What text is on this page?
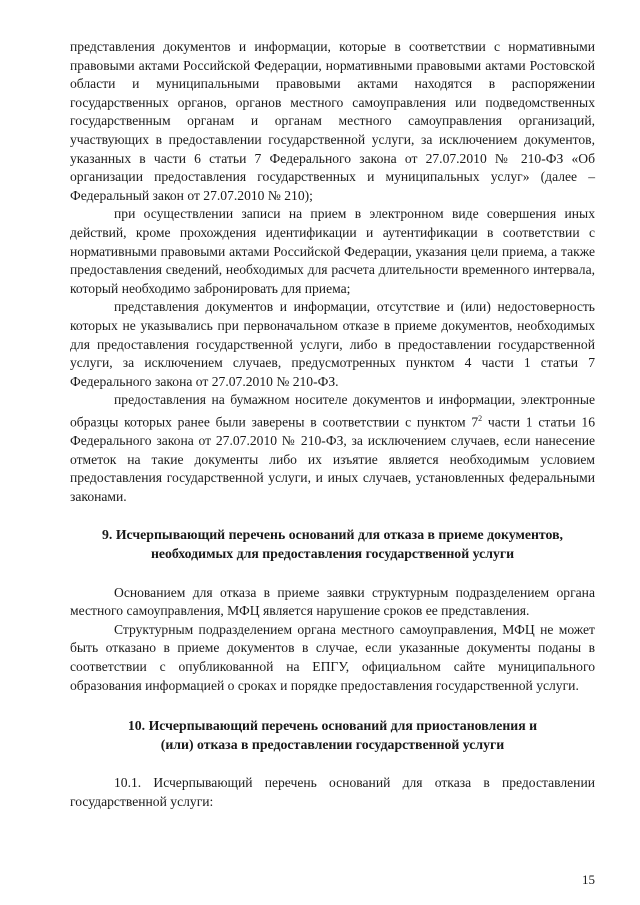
представления документов и информации, которые в соответствии с нормативными правовыми актами Российской Федерации, нормативными правовыми актами Ростовской области и муниципальными правовыми актами находятся в распоряжении государственных органов, органов местного самоуправления или подведомственных государственным органам и органам местного самоуправления организаций, участвующих в предоставлении государственной услуги, за исключением документов, указанных в части 6 статьи 7 Федерального закона от 27.07.2010 № 210-ФЗ «Об организации предоставления государственных и муниципальных услуг» (далее – Федеральный закон от 27.07.2010 № 210);

при осуществлении записи на прием в электронном виде совершения иных действий, кроме прохождения идентификации и аутентификации в соответствии с нормативными правовыми актами Российской Федерации, указания цели приема, а также предоставления сведений, необходимых для расчета длительности временного интервала, который необходимо забронировать для приема;

представления документов и информации, отсутствие и (или) недостоверность которых не указывались при первоначальном отказе в приеме документов, необходимых для предоставления государственной услуги, либо в предоставлении государственной услуги, за исключением случаев, предусмотренных пунктом 4 части 1 статьи 7 Федерального закона от 27.07.2010 № 210-ФЗ.

предоставления на бумажном носителе документов и информации, электронные образцы которых ранее были заверены в соответствии с пунктом $7^2$ части 1 статьи 16 Федерального закона от 27.07.2010 № 210-ФЗ, за исключением случаев, если нанесение отметок на такие документы либо их изъятие является необходимым условием предоставления государственной услуги, и иных случаев, установленных федеральными законами.

9. Исчерпывающий перечень оснований для отказа в приеме документов,
необходимых для предоставления государственной услуги

Основанием для отказа в приеме заявки структурным подразделением органа местного самоуправления, МФЦ является нарушение сроков ее представления.

Структурным подразделением органа местного самоуправления, МФЦ не может быть отказано в приеме документов в случае, если указанные документы поданы в соответствии с опубликованной на ЕПГУ, официальном сайте муниципального образования информацией о сроках и порядке предоставления государственной услуги.

10. Исчерпывающий перечень оснований для приостановления и
(или) отказа в предоставлении государственной услуги

10.1. Исчерпывающий перечень оснований для отказа в предоставлении государственной услуги:

15
